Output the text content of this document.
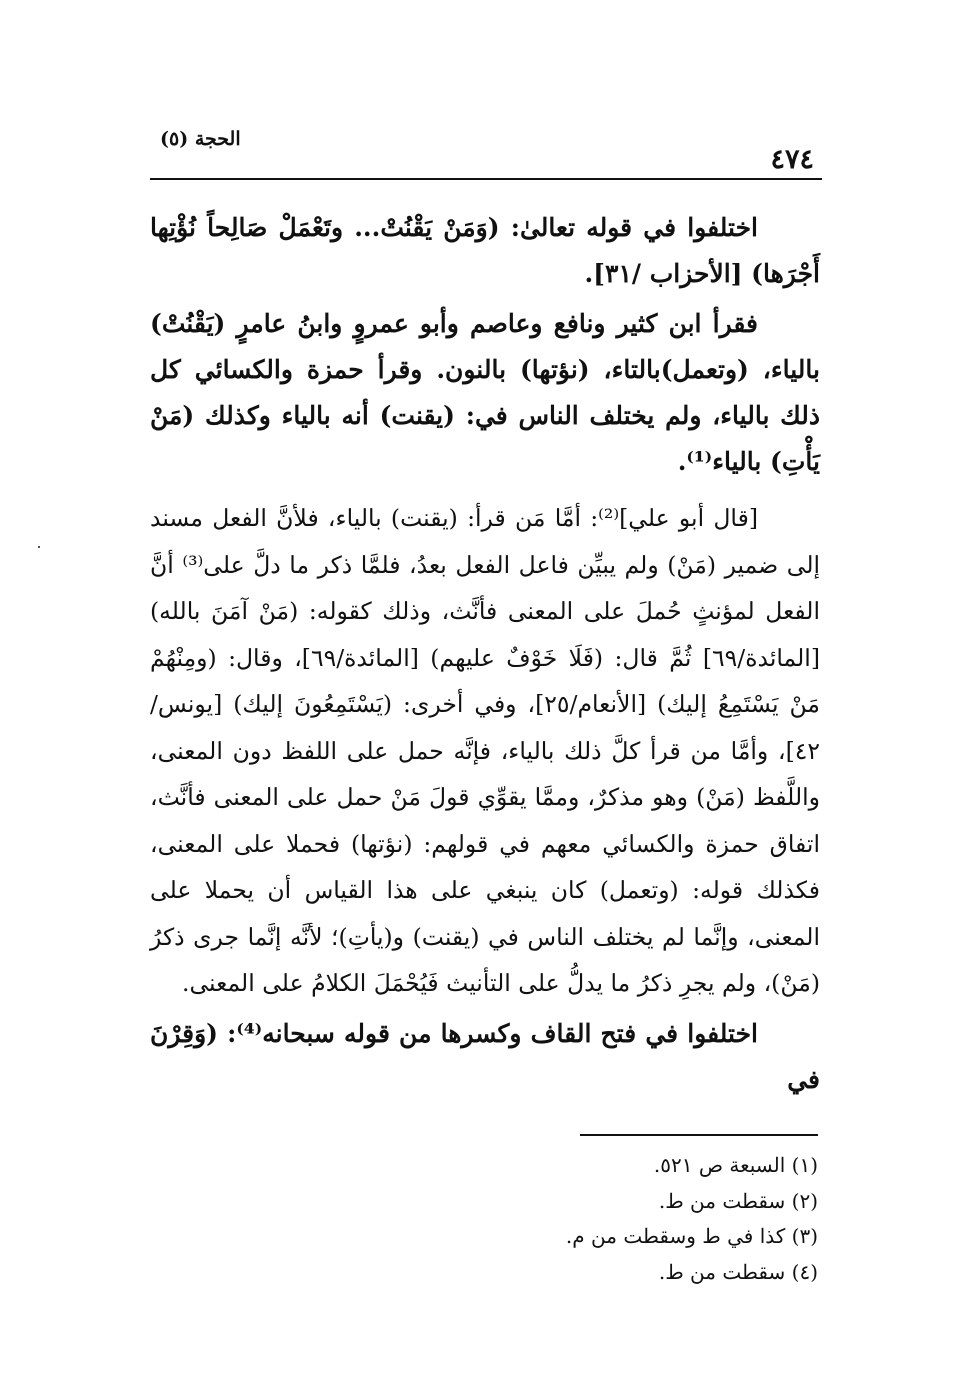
٤٧٤
الحجة (٥)

اختلفوا في قوله تعالىٰ: (وَمَنْ يَقْنُتْ... وتَعْمَلْ صَالِحاً نُؤْتِها أَجْرَها) [الأحزاب /٣١].

فقرأ ابن كثير ونافع وعاصم وأبو عمروٍ وابنُ عامرٍ (يَقْنُتْ) بالياء، (وتعمل)بالتاء، (نؤتها) بالنون. وقرأ حمزة والكسائي كل ذلك بالياء، ولم يختلف الناس في: (يقنت) أنه بالياء وكذلك (مَنْ يَأْتِ) بالياء⁽¹⁾.

[قال أبو علي]⁽²⁾: أمَّا مَن قرأ: (يقنت) بالياء، فلأنَّ الفعل مسند إلى ضمير (مَنْ) ولم يبيِّن فاعل الفعل بعدُ، فلمَّا ذكر ما دلَّ على⁽³⁾ أنَّ الفعل لمؤنثٍ حُملَ على المعنى فأنَّث، وذلك كقوله: (مَنْ آمَنَ بالله) [المائدة/٦٩] ثُمَّ قال: (فَلَا خَوْفٌ عليهم) [المائدة/٦٩]، وقال: (ومِنْهُمْ مَنْ يَسْتَمِعُ إليك) [الأنعام/٢٥]، وفي أخرى: (يَسْتَمِعُونَ إليك) [يونس/٤٢]، وأمَّا من قرأ كلَّ ذلك بالياء، فإنَّه حمل على اللفظ دون المعنى، واللَّفظ (مَنْ) وهو مذكرٌ، وممَّا يقوِّي قولَ مَنْ حمل على المعنى فأنَّث، اتفاق حمزة والكسائي معهم في قولهم: (نؤتها) فحملا على المعنى، فكذلك قوله: (وتعمل) كان ينبغي على هذا القياس أن يحملا على المعنى، وإنَّما لم يختلف الناس في (يقنت) و(يأتِ)؛ لأنَّه إنَّما جرى ذكرُ (مَنْ)، ولم يجرِ ذكرُ ما يدلُّ على التأنيث فَيُحْمَلَ الكلامُ على المعنى.

اختلفوا في فتح القاف وكسرها من قوله سبحانه⁽⁴⁾: (وَقِرْنَ في

(١) السبعة ص ٥٢١.
(٢) سقطت من ط.
(٣) كذا في ط وسقطت من م.
(٤) سقطت من ط.
